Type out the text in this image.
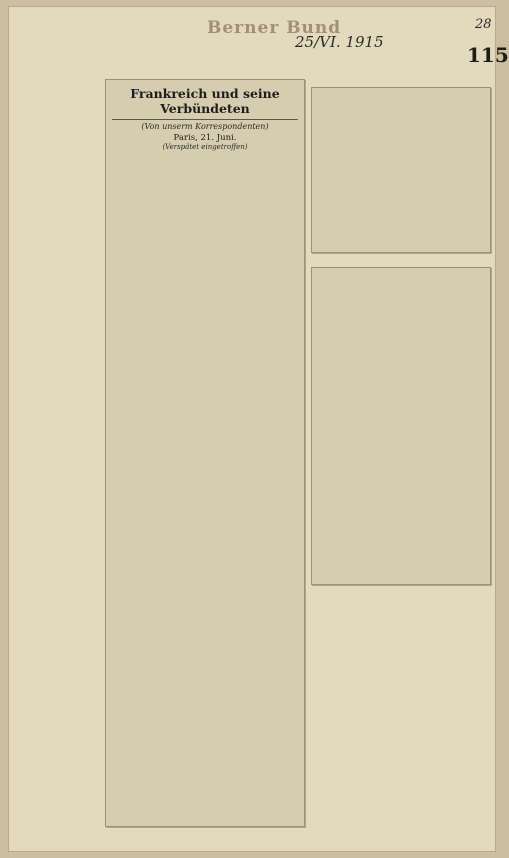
Berner Bund
25/VI. 1915
28
115
Frankreich und seine Verbündeten
(Von unserm Korrespondenten)
Paris, 21. Juni.
(Verspätet eingetroffen)
